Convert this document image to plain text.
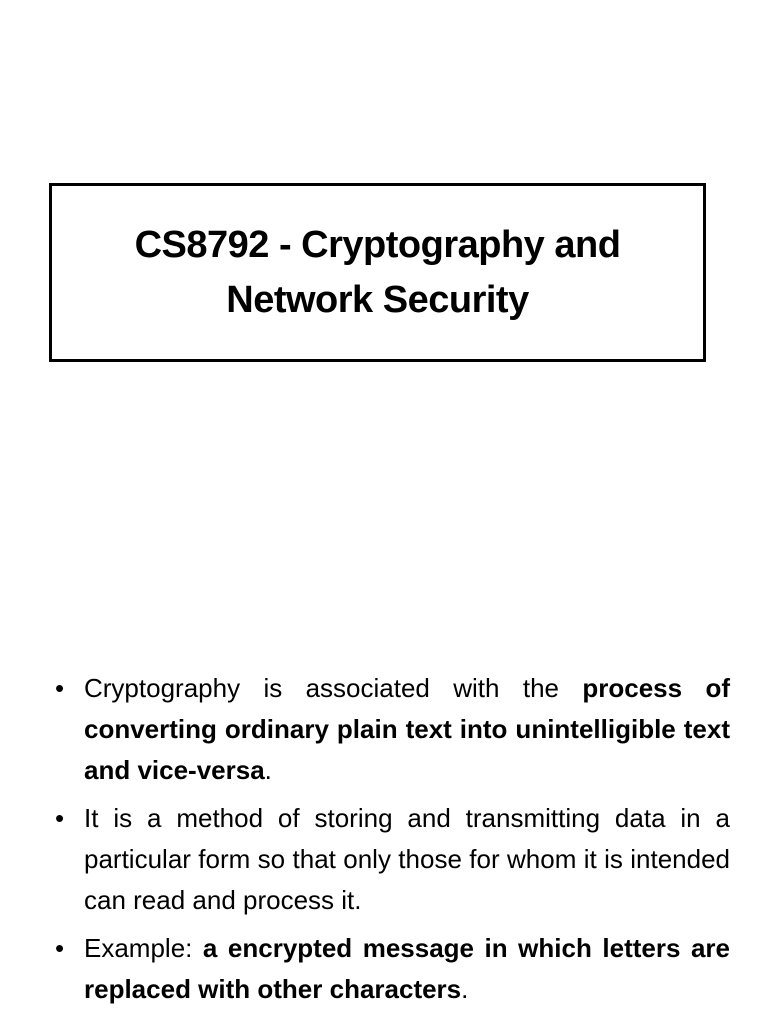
CS8792 - Cryptography and
Network Security
• Cryptography is associated with the process of converting ordinary plain text into unintelligible text and vice-versa.
• It is a method of storing and transmitting data in a particular form so that only those for whom it is intended can read and process it.
• Example: a encrypted message in which letters are replaced with other characters.
